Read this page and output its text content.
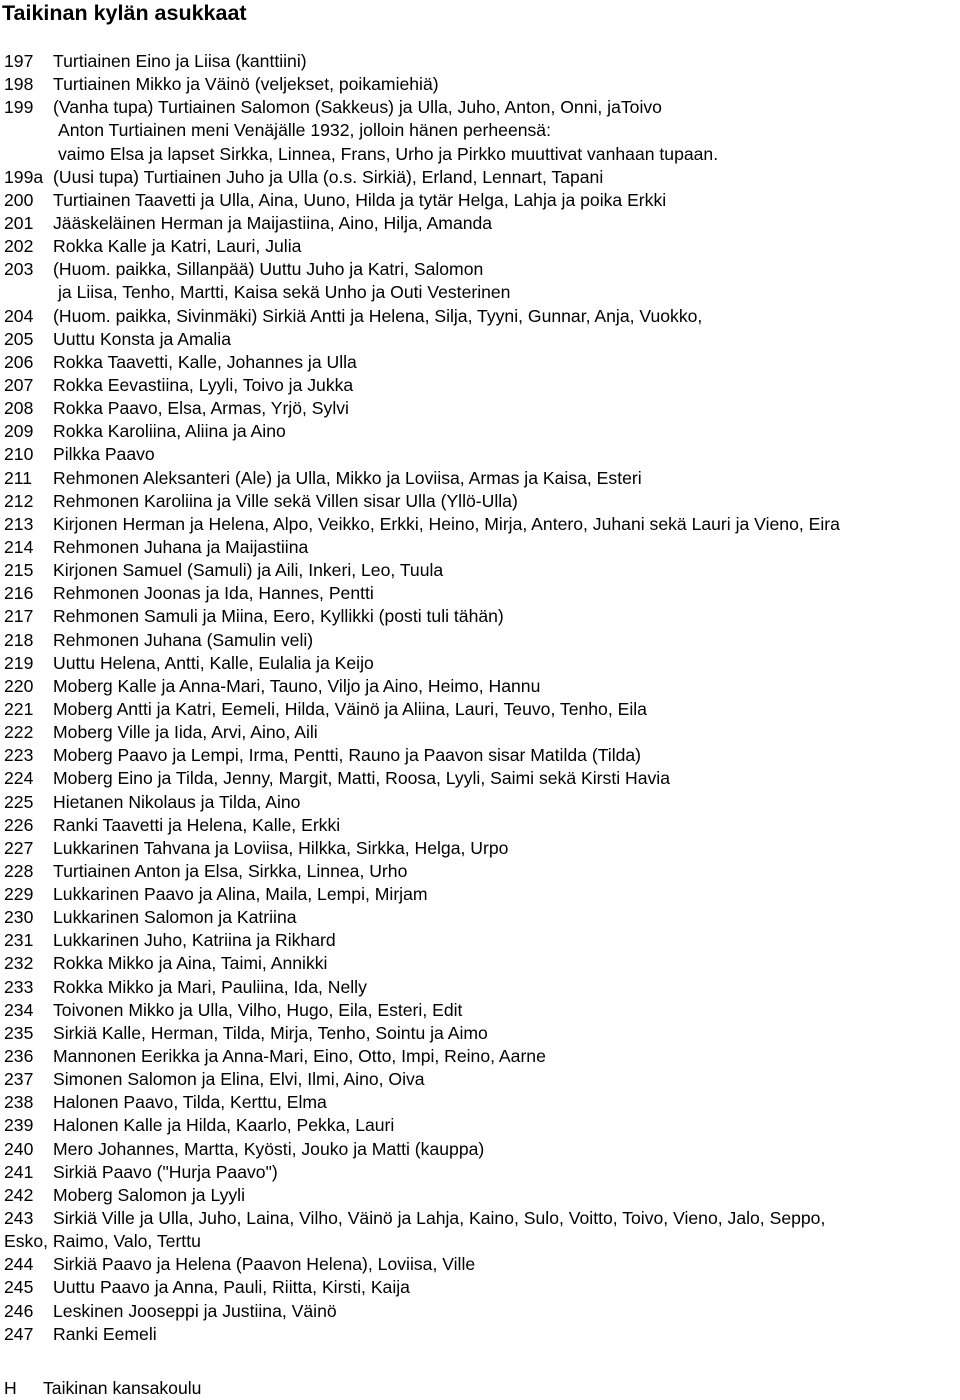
Taikinan kylän asukkaat
197 Turtiainen Eino ja Liisa (kanttiini)
198 Turtiainen Mikko ja Väinö (veljekset, poikamiehiä)
199 (Vanha tupa) Turtiainen Salomon (Sakkeus) ja Ulla, Juho, Anton, Onni, jaToivo
Anton Turtiainen meni Venäjälle 1932, jolloin hänen perheensä:
vaimo Elsa ja lapset Sirkka, Linnea, Frans, Urho ja Pirkko muuttivat vanhaan tupaan.
199a (Uusi tupa) Turtiainen Juho ja Ulla (o.s. Sirkiä), Erland, Lennart, Tapani
200 Turtiainen Taavetti ja Ulla, Aina, Uuno, Hilda ja tytär Helga, Lahja ja poika Erkki
201 Jääskeläinen Herman ja Maijastiina, Aino, Hilja, Amanda
202 Rokka Kalle ja Katri, Lauri, Julia
203 (Huom. paikka, Sillanpää) Uuttu Juho ja Katri, Salomon
ja Liisa, Tenho, Martti, Kaisa sekä Unho ja Outi Vesterinen
204 (Huom. paikka, Sivinmäki) Sirkiä Antti ja Helena, Silja, Tyyni, Gunnar, Anja, Vuokko,
205 Uuttu Konsta ja Amalia
206 Rokka Taavetti, Kalle, Johannes ja Ulla
207 Rokka Eevastiina, Lyyli, Toivo ja Jukka
208 Rokka Paavo, Elsa, Armas, Yrjö, Sylvi
209 Rokka Karoliina, Aliina ja Aino
210 Pilkka Paavo
211 Rehmonen Aleksanteri (Ale) ja Ulla, Mikko ja Loviisa, Armas ja Kaisa, Esteri
212 Rehmonen Karoliina ja Ville sekä Villen sisar Ulla (Yllö-Ulla)
213 Kirjonen Herman ja Helena, Alpo, Veikko, Erkki, Heino, Mirja, Antero, Juhani sekä Lauri ja Vieno, Eira
214 Rehmonen Juhana ja Maijastiina
215 Kirjonen Samuel (Samuli) ja Aili, Inkeri, Leo, Tuula
216 Rehmonen Joonas ja Ida, Hannes, Pentti
217 Rehmonen Samuli ja Miina, Eero, Kyllikki (posti tuli tähän)
218 Rehmonen Juhana (Samulin veli)
219 Uuttu Helena, Antti, Kalle, Eulalia ja Keijo
220 Moberg Kalle ja Anna-Mari, Tauno, Viljo ja Aino, Heimo, Hannu
221 Moberg Antti ja Katri, Eemeli, Hilda, Väinö ja Aliina, Lauri, Teuvo, Tenho, Eila
222 Moberg Ville ja Iida, Arvi, Aino, Aili
223 Moberg Paavo ja Lempi, Irma, Pentti, Rauno ja Paavon sisar Matilda (Tilda)
224 Moberg Eino ja Tilda, Jenny, Margit, Matti, Roosa, Lyyli, Saimi sekä Kirsti Havia
225 Hietanen Nikolaus ja Tilda, Aino
226 Ranki Taavetti ja Helena, Kalle, Erkki
227 Lukkarinen Tahvana ja Loviisa, Hilkka, Sirkka, Helga, Urpo
228 Turtiainen Anton ja Elsa, Sirkka, Linnea, Urho
229 Lukkarinen Paavo ja Alina, Maila, Lempi, Mirjam
230 Lukkarinen Salomon ja Katriina
231 Lukkarinen Juho, Katriina ja Rikhard
232 Rokka Mikko ja Aina, Taimi, Annikki
233 Rokka Mikko ja Mari, Pauliina, Ida, Nelly
234 Toivonen Mikko ja Ulla, Vilho, Hugo, Eila, Esteri, Edit
235 Sirkiä Kalle, Herman, Tilda, Mirja, Tenho, Sointu ja Aimo
236 Mannonen Eerikka ja Anna-Mari, Eino, Otto, Impi, Reino, Aarne
237 Simonen Salomon ja Elina, Elvi, Ilmi, Aino, Oiva
238 Halonen Paavo, Tilda, Kerttu, Elma
239 Halonen Kalle ja Hilda, Kaarlo, Pekka, Lauri
240 Mero Johannes, Martta, Kyösti, Jouko ja Matti (kauppa)
241 Sirkiä Paavo ("Hurja Paavo")
242 Moberg Salomon ja Lyyli
243 Sirkiä Ville ja Ulla, Juho, Laina, Vilho, Väinö ja Lahja, Kaino, Sulo, Voitto, Toivo, Vieno, Jalo, Seppo,
Esko, Raimo, Valo, Terttu
244 Sirkiä Paavo ja Helena (Paavon Helena), Loviisa, Ville
245 Uuttu Paavo ja Anna, Pauli, Riitta, Kirsti, Kaija
246 Leskinen Jooseppi ja Justiina, Väinö
247 Ranki Eemeli
H Taikinan kansakoulu
